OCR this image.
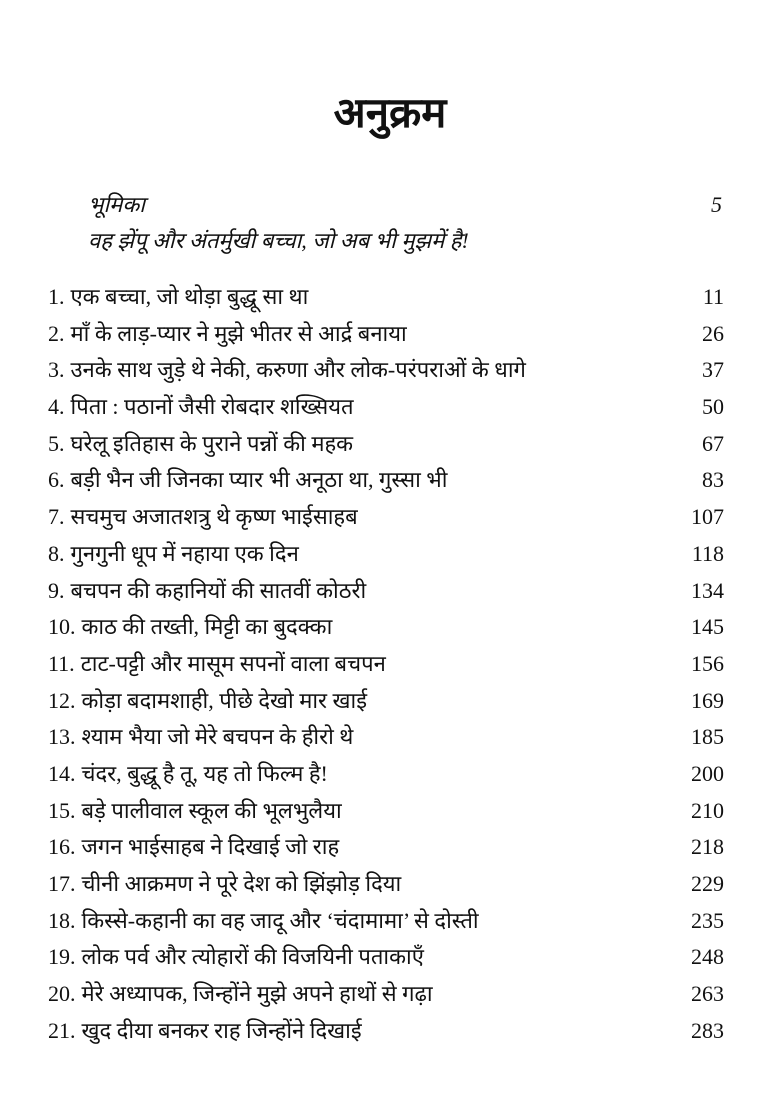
अनुक्रम
भूमिका	5
वह झेंपू और अंतर्मुखी बच्चा, जो अब भी मुझमें है!
1. एक बच्चा, जो थोड़ा बुद्धू सा था	11
2. माँ के लाड़-प्यार ने मुझे भीतर से आर्द्र बनाया	26
3. उनके साथ जुड़े थे नेकी, करुणा और लोक-परंपराओं के धागे	37
4. पिता : पठानों जैसी रोबदार शख्सियत	50
5. घरेलू इतिहास के पुराने पन्नों की महक	67
6. बड़ी भैन जी जिनका प्यार भी अनूठा था, गुस्सा भी	83
7. सचमुच अजातशत्रु थे कृष्ण भाईसाहब	107
8. गुनगुनी धूप में नहाया एक दिन	118
9. बचपन की कहानियों की सातवीं कोठरी	134
10. काठ की तख्ती, मिट्टी का बुदक्का	145
11. टाट-पट्टी और मासूम सपनों वाला बचपन	156
12. कोड़ा बदामशाही, पीछे देखो मार खाई	169
13. श्याम भैया जो मेरे बचपन के हीरो थे	185
14. चंदर, बुद्धू है तू, यह तो फिल्म है!	200
15. बड़े पालीवाल स्कूल की भूलभुलैया	210
16. जगन भाईसाहब ने दिखाई जो राह	218
17. चीनी आक्रमण ने पूरे देश को झिंझोड़ दिया	229
18. किस्से-कहानी का वह जादू और ‘चंदामामा’ से दोस्ती	235
19. लोक पर्व और त्योहारों की विजयिनी पताकाएँ	248
20. मेरे अध्यापक, जिन्होंने मुझे अपने हाथों से गढ़ा	263
21. खुद दीया बनकर राह जिन्होंने दिखाई	283
